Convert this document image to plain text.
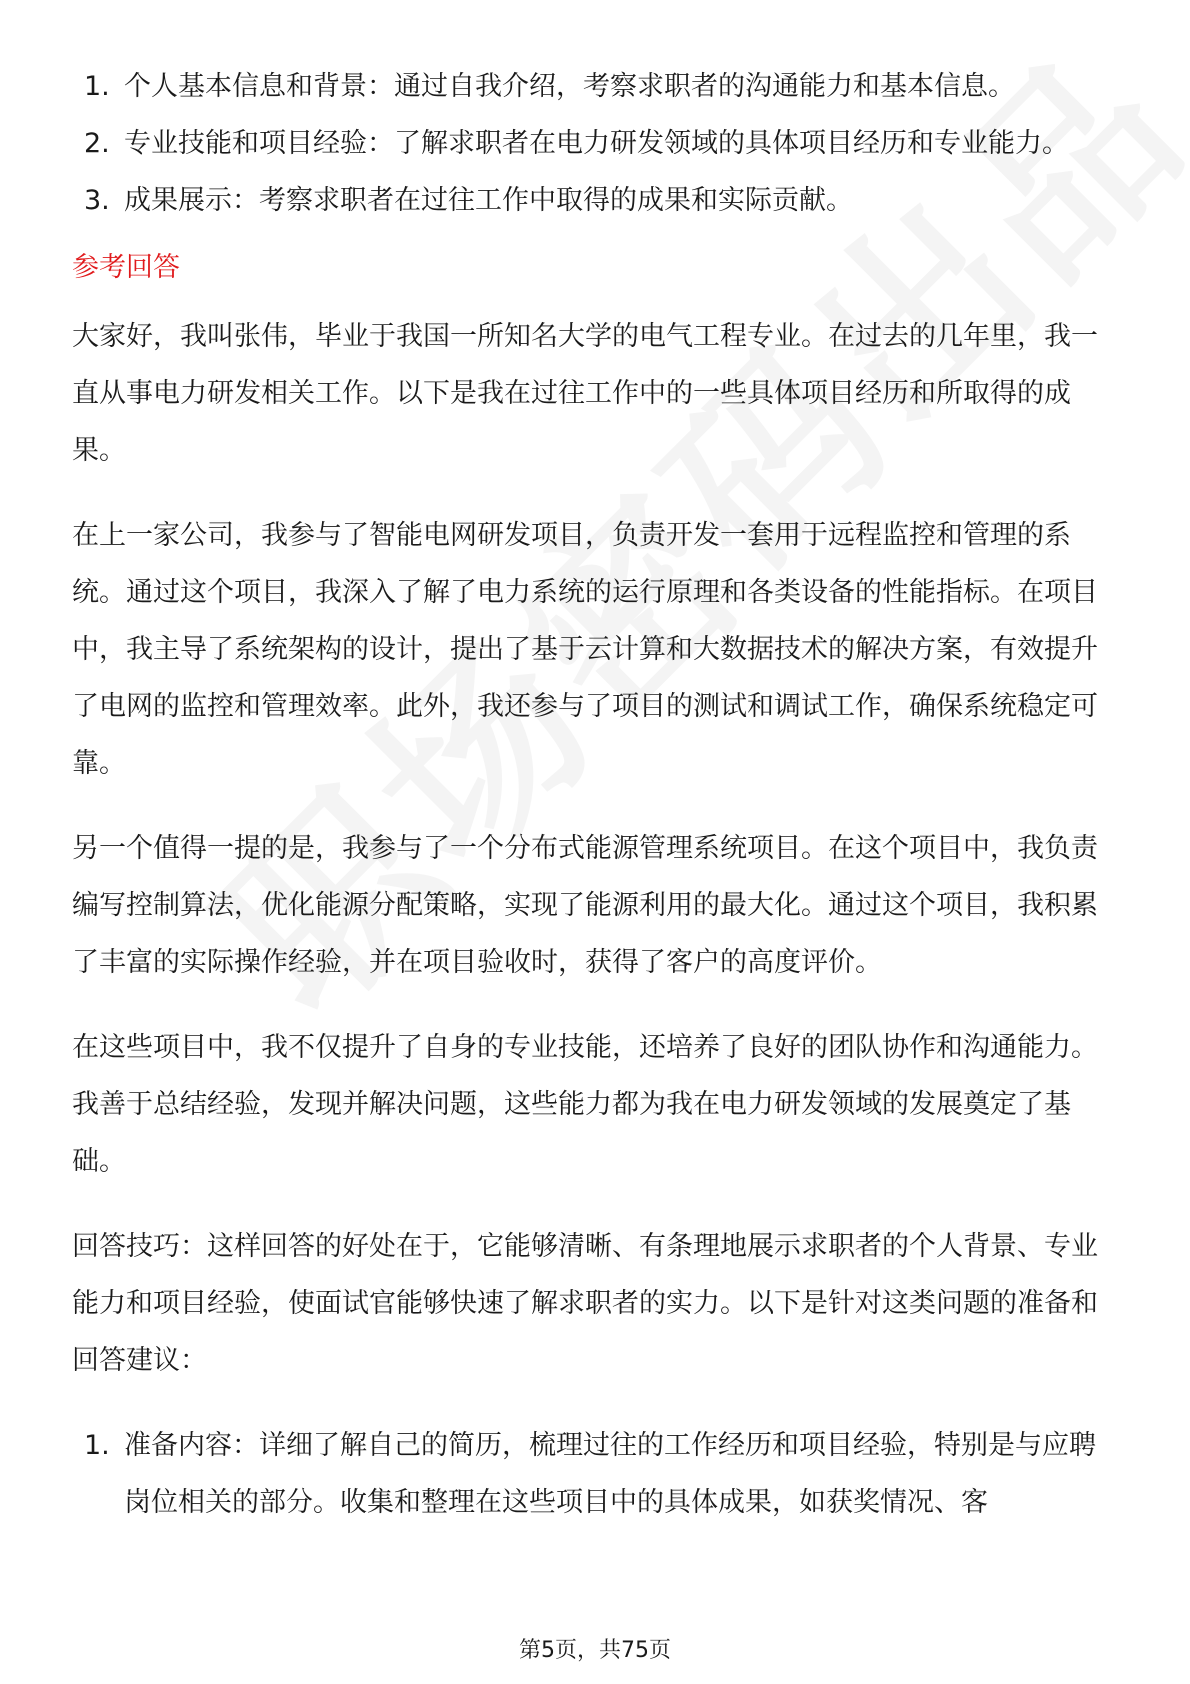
1. 个人基本信息和背景：通过自我介绍，考察求职者的沟通能力和基本信息。
2. 专业技能和项目经验：了解求职者在电力研发领域的具体项目经历和专业能力。
3. 成果展示：考察求职者在过往工作中取得的成果和实际贡献。
参考回答

大家好，我叫张伟，毕业于我国一所知名大学的电气工程专业。在过去的几年里，我一直从事电力研发相关工作。以下是我在过往工作中的一些具体项目经历和所取得的成果。

在上一家公司，我参与了智能电网研发项目，负责开发一套用于远程监控和管理的系统。通过这个项目，我深入了解了电力系统的运行原理和各类设备的性能指标。在项目中，我主导了系统架构的设计，提出了基于云计算和大数据技术的解决方案，有效提升了电网的监控和管理效率。此外，我还参与了项目的测试和调试工作，确保系统稳定可靠。

另一个值得一提的是，我参与了一个分布式能源管理系统项目。在这个项目中，我负责编写控制算法，优化能源分配策略，实现了能源利用的最大化。通过这个项目，我积累了丰富的实际操作经验，并在项目验收时，获得了客户的高度评价。

在这些项目中，我不仅提升了自身的专业技能，还培养了良好的团队协作和沟通能力。我善于总结经验，发现并解决问题，这些能力都为我在电力研发领域的发展奠定了基础。

回答技巧：这样回答的好处在于，它能够清晰、有条理地展示求职者的个人背景、专业能力和项目经验，使面试官能够快速了解求职者的实力。以下是针对这类问题的准备和回答建议：

1. 准备内容：详细了解自己的简历，梳理过往的工作经历和项目经验，特别是与应聘岗位相关的部分。收集和整理在这些项目中的具体成果，如获奖情况、客
第5页，共75页
